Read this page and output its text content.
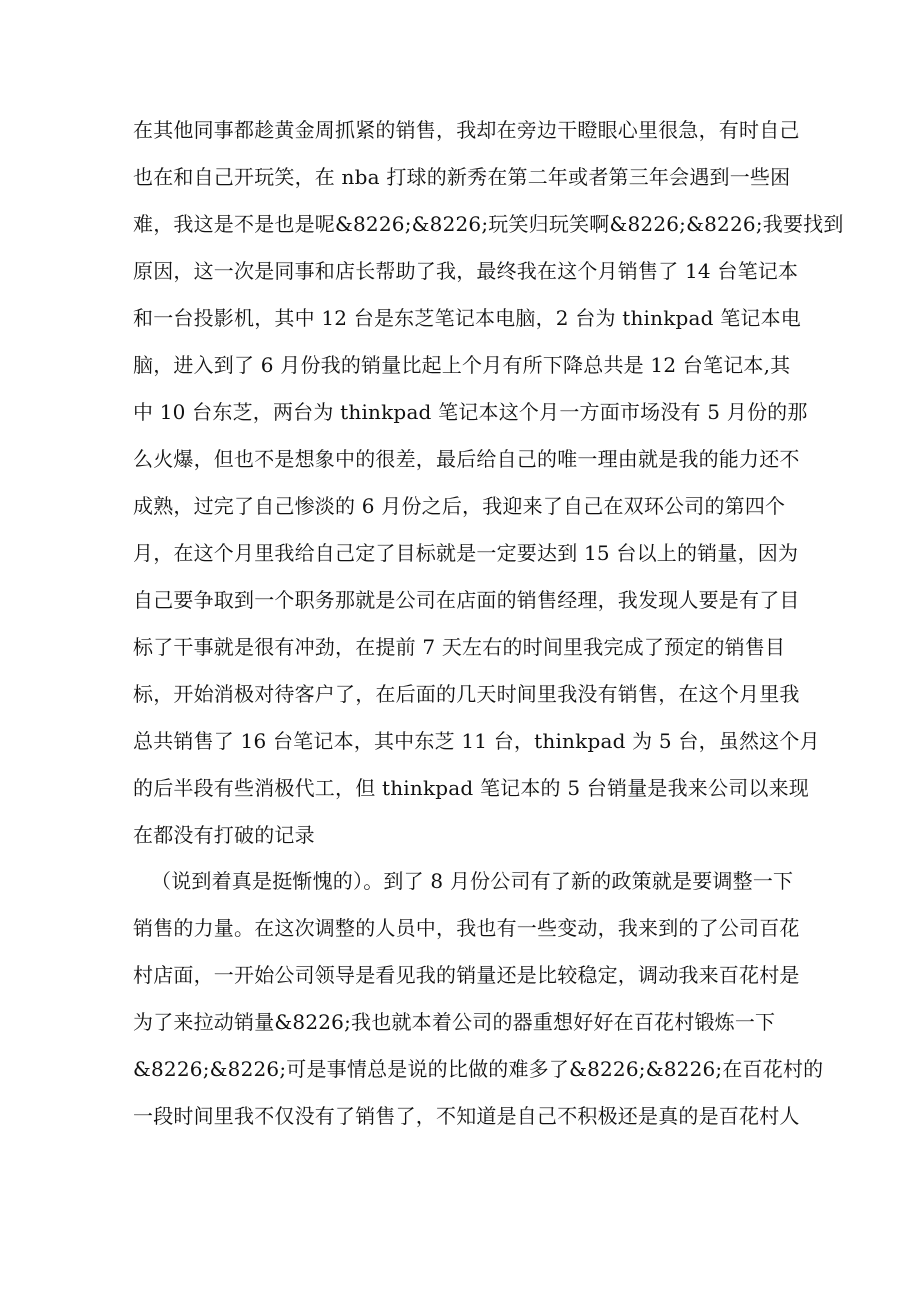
在其他同事都趁黄金周抓紧的销售，我却在旁边干瞪眼心里很急，有时自己
也在和自己开玩笑，在 nba 打球的新秀在第二年或者第三年会遇到一些困
难，我这是不是也是呢&8226;&8226;玩笑归玩笑啊&8226;&8226;我要找到
原因，这一次是同事和店长帮助了我，最终我在这个月销售了 14 台笔记本
和一台投影机，其中 12 台是东芝笔记本电脑，2 台为 thinkpad 笔记本电
脑，进入到了 6 月份我的销量比起上个月有所下降总共是 12 台笔记本,其
中 10 台东芝，两台为 thinkpad 笔记本这个月一方面市场没有 5 月份的那
么火爆，但也不是想象中的很差，最后给自己的唯一理由就是我的能力还不
成熟，过完了自己惨淡的 6 月份之后，我迎来了自己在双环公司的第四个
月，在这个月里我给自己定了目标就是一定要达到 15 台以上的销量，因为
自己要争取到一个职务那就是公司在店面的销售经理，我发现人要是有了目
标了干事就是很有冲劲，在提前 7 天左右的时间里我完成了预定的销售目
标，开始消极对待客户了，在后面的几天时间里我没有销售，在这个月里我
总共销售了 16 台笔记本，其中东芝 11 台，thinkpad 为 5 台，虽然这个月
的后半段有些消极代工，但 thinkpad 笔记本的 5 台销量是我来公司以来现
在都没有打破的记录
（说到着真是挺惭愧的）。到了 8 月份公司有了新的政策就是要调整一下
销售的力量。在这次调整的人员中，我也有一些变动，我来到的了公司百花
村店面，一开始公司领导是看见我的销量还是比较稳定，调动我来百花村是
为了来拉动销量&8226;我也就本着公司的器重想好好在百花村锻炼一下
&8226;&8226;可是事情总是说的比做的难多了&8226;&8226;在百花村的
一段时间里我不仅没有了销售了，不知道是自己不积极还是真的是百花村人
